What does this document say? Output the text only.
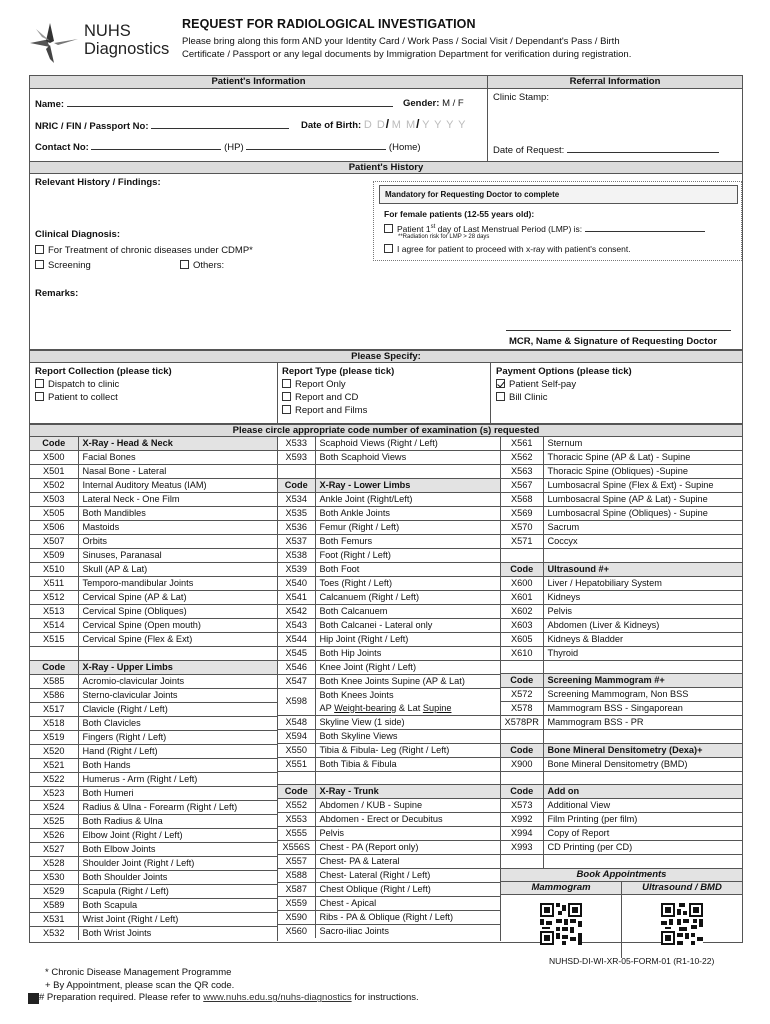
NUHS
Diagnostics
REQUEST FOR RADIOLOGICAL INVESTIGATION
Please bring along this form AND your Identity Card / Work Pass / Social Visit / Dependant's Pass / Birth
Certificate / Passport or any legal documents by Immigration Department for verification during registration.
Patient's Information	Referral Information
Clinic Stamp:
Date of Request:
Name:	Gender: M / F
NRIC / FIN / Passport No:	Date of Birth: D D/ M M/ Y Y Y Y
Contact No:	(HP)	(Home)
Patient's History
Relevant History / Findings:
Clinical Diagnosis:
For Treatment of chronic diseases under CDMP*
Screening	Others:
Remarks:
Mandatory for Requesting Doctor to complete
For female patients (12-55 years old):
Patient 1st day of Last Menstrual Period (LMP) is:
**Radiation risk for LMP > 28 days
I agree for patient to proceed with x-ray with patient's consent.
MCR, Name & Signature of Requesting Doctor
Please Specify:
Report Collection (please tick)
Dispatch to clinic
Patient to collect
Report Type (please tick)
Report Only
Report and CD
Report and Films
Payment Options (please tick)
Patient Self-pay
Bill Clinic
Please circle appropriate code number of examination (s) requested
Code	X-Ray - Head & Neck
X500	Facial Bones
X501	Nasal Bone - Lateral
X502	Internal Auditory Meatus (IAM)
X503	Lateral Neck - One Film
X505	Both Mandibles
X506	Mastoids
X507	Orbits
X509	Sinuses, Paranasal
X510	Skull (AP & Lat)
X511	Temporo-mandibular Joints
X512	Cervical Spine (AP & Lat)
X513	Cervical Spine (Obliques)
X514	Cervical Spine (Open mouth)
X515	Cervical Spine (Flex & Ext)

Code	X-Ray - Upper Limbs
X585	Acromio-clavicular Joints
X586	Sterno-clavicular Joints
X517	Clavicle (Right / Left)
X518	Both Clavicles
X519	Fingers (Right / Left)
X520	Hand (Right / Left)
X521	Both Hands
X522	Humerus - Arm (Right / Left)
X523	Both Humeri
X524	Radius & Ulna - Forearm (Right / Left)
X525	Both Radius & Ulna
X526	Elbow Joint (Right / Left)
X527	Both Elbow Joints
X528	Shoulder Joint (Right / Left)
X530	Both Shoulder Joints
X529	Scapula (Right / Left)
X589	Both Scapula
X531	Wrist Joint (Right / Left)
X532	Both Wrist Joints
X533	Scaphoid Views (Right / Left)
X593	Both Scaphoid Views

Code	X-Ray - Lower Limbs
X534	Ankle Joint (Right/Left)
X535	Both Ankle Joints
X536	Femur (Right / Left)
X537	Both Femurs
X538	Foot (Right / Left)
X539	Both Foot
X540	Toes (Right / Left)
X541	Calcanuem (Right / Left)
X542	Both Calcanuem
X543	Both Calcanei - Lateral only
X544	Hip Joint (Right / Left)
X545	Both Hip Joints
X546	Knee Joint (Right / Left)
X547	Both Knee Joints Supine (AP & Lat)
X598	Both Knees Joints
AP Weight-bearing & Lat Supine

X548	Skyline View (1 side)
X594	Both Skyline Views
X550	Tibia & Fibula- Leg (Right / Left)
X551	Both Tibia & Fibula

Code	X-Ray - Trunk
X552	Abdomen / KUB - Supine
X553	Abdomen - Erect or Decubitus
X555	Pelvis
X556S	Chest - PA (Report only)
X557	Chest- PA & Lateral
X588	Chest- Lateral (Right / Left)
X587	Chest Oblique (Right / Left)
X559	Chest - Apical
X590	Ribs - PA & Oblique (Right / Left)
X560	Sacro-iliac Joints
X561	Sternum
X562	Thoracic Spine (AP & Lat) - Supine
X563	Thoracic Spine (Obliques) -Supine
X567	Lumbosacral Spine (Flex & Ext) - Supine
X568	Lumbosacral Spine (AP & Lat) - Supine
X569	Lumbosacral Spine (Obliques) - Supine
X570	Sacrum
X571	Coccyx

Code	Ultrasound #+
X600	Liver / Hepatobiliary System
X601	Kidneys
X602	Pelvis
X603	Abdomen (Liver & Kidneys)
X605	Kidneys & Bladder
X610	Thyroid

Code	Screening Mammogram #+
X572	Screening Mammogram, Non BSS
X578	Mammogram BSS - Singaporean
X578PR	Mammogram BSS - PR

Code	Bone Mineral Densitometry (Dexa)+
X900	Bone Mineral Densitometry (BMD)

Code	Add on
X573	Additional View
X992	Film Printing (per film)
X994	Copy of Report
X993	CD Printing (per CD)

Book Appointments
Mammogram	Ultrasound / BMD
NUHSD-DI-WI-XR-05-FORM-01 (R1-10-22)
* Chronic Disease Management Programme
+ By Appointment, please scan the QR code.
# Preparation required. Please refer to www.nuhs.edu.sg/nuhs-diagnostics for instructions.
